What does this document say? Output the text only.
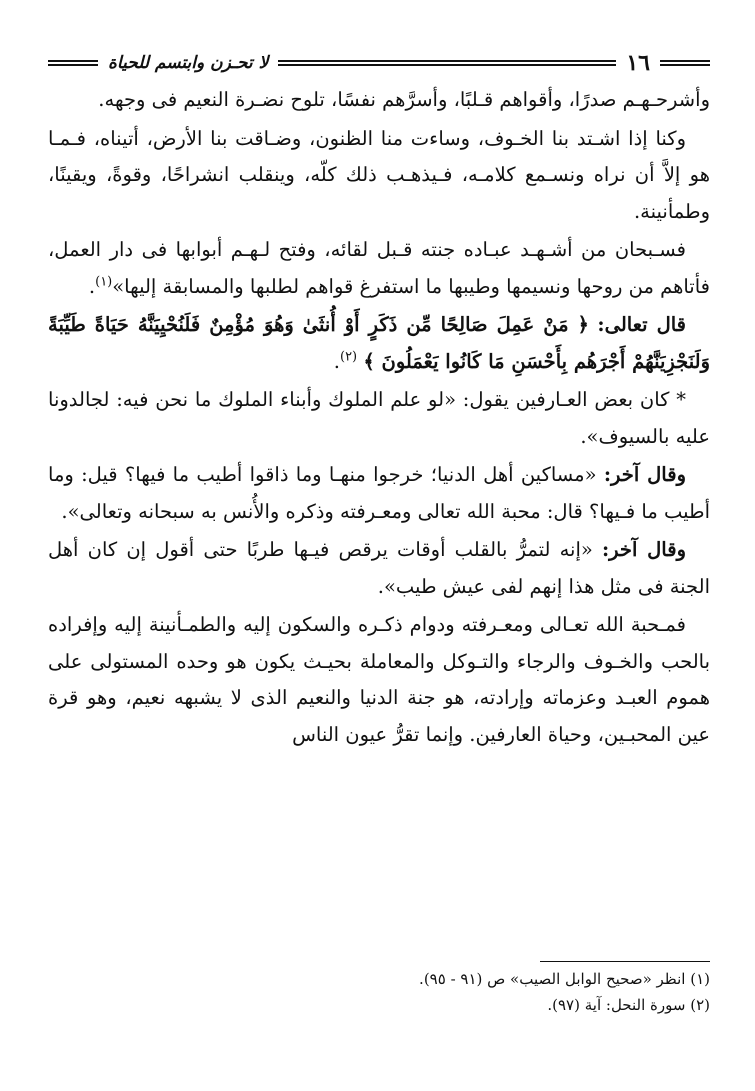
١٦
لا تحـزن وابتسم للحياة

وأشرحـهـم صدرًا، وأقواهم قـلبًا، وأسرَّهم نفسًا، تلوح نضـرة النعيم فى وجهه.

وكنا إذا اشـتد بنا الخـوف، وساءت منا الظنون، وضـاقت بنا الأرض، أتيناه، فـمـا هو إلاَّ أن نراه ونسـمع كلامـه، فـيذهـب ذلك كلّه، وينقلب انشراحًا، وقوةً، ويقينًا، وطمأنينة.

فسـبحان من أشـهـد عبـاده جنته قـبل لقائه، وفتح لـهـم أبوابها فى دار العمل، فأتاهم من روحها ونسيمها وطيبها ما استفرغ قواهم لطلبها والمسابقة إليها»$^{(١)}$.

قال تعالى: ﴿ مَنْ عَمِلَ صَالِحًا مِّن ذَكَرٍ أَوْ أُنثَىٰ وَهُوَ مُؤْمِنٌ فَلَنُحْيِيَنَّهُ حَيَاةً طَيِّبَةً وَلَنَجْزِيَنَّهُمْ أَجْرَهُم بِأَحْسَنِ مَا كَانُوا يَعْمَلُونَ ﴾ $^{(٢)}$.

* كان بعض العـارفين يقول: «لو علم الملوك وأبناء الملوك ما نحن فيه: لجالدونا عليه بالسيوف».

وقال آخر: «مساكين أهل الدنيا؛ خرجوا منهـا وما ذاقوا أطيب ما فيها؟ قيل: وما أطيب ما فـيها؟ قال: محبة الله تعالى ومعـرفته وذكره والأُنس به سبحانه وتعالى».

وقال آخر: «إنه لتمرُّ بالقلب أوقات يرقص فيـها طربًا حتى أقول إن كان أهل الجنة فى مثل هذا إنهم لفى عيش طيب».

فمـحبة الله تعـالى ومعـرفته ودوام ذكـره والسكون إليه والطمـأنينة إليه وإفراده بالحب والخـوف والرجاء والتـوكل والمعاملة بحيـث يكون هو وحده المستولى على هموم العبـد وعزماته وإرادته، هو جنة الدنيا والنعيم الذى لا يشبهه نعيم، وهو قرة عين المحبـين، وحياة العارفين. وإنما تقرُّ عيون الناس

(١) انظر «صحيح الوابل الصيب» ص (٩١ - ٩٥).
(٢) سورة النحل: آية (٩٧).
